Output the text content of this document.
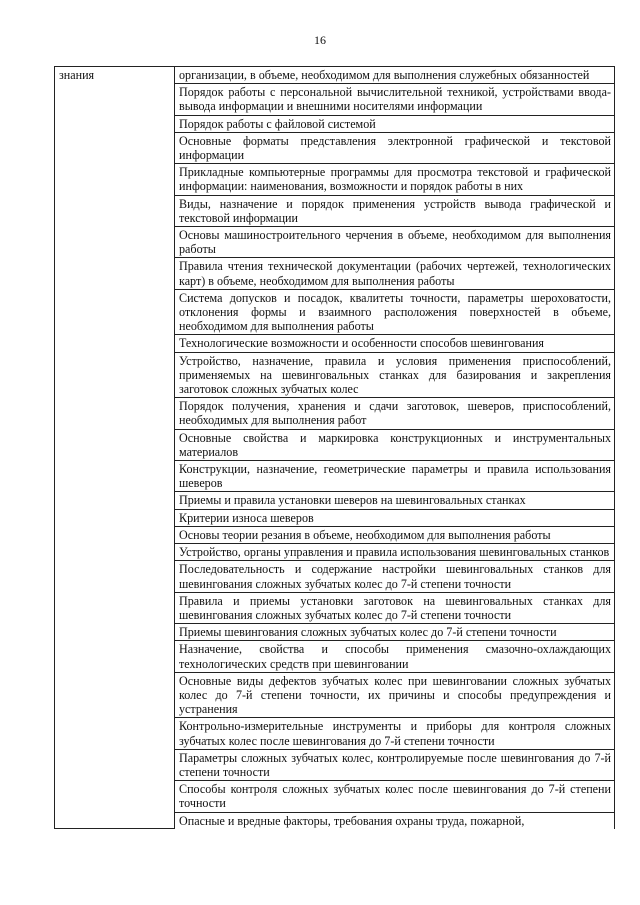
16
знания	организации, в объеме, необходимом для выполнения служебных обязанностей
Порядок работы с персональной вычислительной техникой, устройствами ввода-вывода информации и внешними носителями информации
Порядок работы с файловой системой
Основные форматы представления электронной графической и текстовой информации
Прикладные компьютерные программы для просмотра текстовой и графической информации: наименования, возможности и порядок работы в них
Виды, назначение и порядок применения устройств вывода графической и текстовой информации
Основы машиностроительного черчения в объеме, необходимом для выполнения работы
Правила чтения технической документации (рабочих чертежей, технологических карт) в объеме, необходимом для выполнения работы
Система допусков и посадок, квалитеты точности, параметры шероховатости, отклонения формы и взаимного расположения поверхностей в объеме, необходимом для выполнения работы
Технологические возможности и особенности способов шевингования
Устройство, назначение, правила и условия применения приспособлений, применяемых на шевинговальных станках для базирования и закрепления заготовок сложных зубчатых колес
Порядок получения, хранения и сдачи заготовок, шеверов, приспособлений, необходимых для выполнения работ
Основные свойства и маркировка конструкционных и инструментальных материалов
Конструкции, назначение, геометрические параметры и правила использования шеверов
Приемы и правила установки шеверов на шевинговальных станках
Критерии износа шеверов
Основы теории резания в объеме, необходимом для выполнения работы
Устройство, органы управления и правила использования шевинговальных станков
Последовательность и содержание настройки шевинговальных станков для шевингования сложных зубчатых колес до 7-й степени точности
Правила и приемы установки заготовок на шевинговальных станках для шевингования сложных зубчатых колес до 7-й степени точности
Приемы шевингования сложных зубчатых колес до 7-й степени точности
Назначение, свойства и способы применения смазочно-охлаждающих технологических средств при шевинговании
Основные виды дефектов зубчатых колес при шевинговании сложных зубчатых колес до 7-й степени точности, их причины и способы предупреждения и устранения
Контрольно-измерительные инструменты и приборы для контроля сложных зубчатых колес после шевингования до 7-й степени точности
Параметры сложных зубчатых колес, контролируемые после шевингования до 7-й степени точности
Способы контроля сложных зубчатых колес после шевингования до 7-й степени точности
Опасные и вредные факторы, требования охраны труда, пожарной,
